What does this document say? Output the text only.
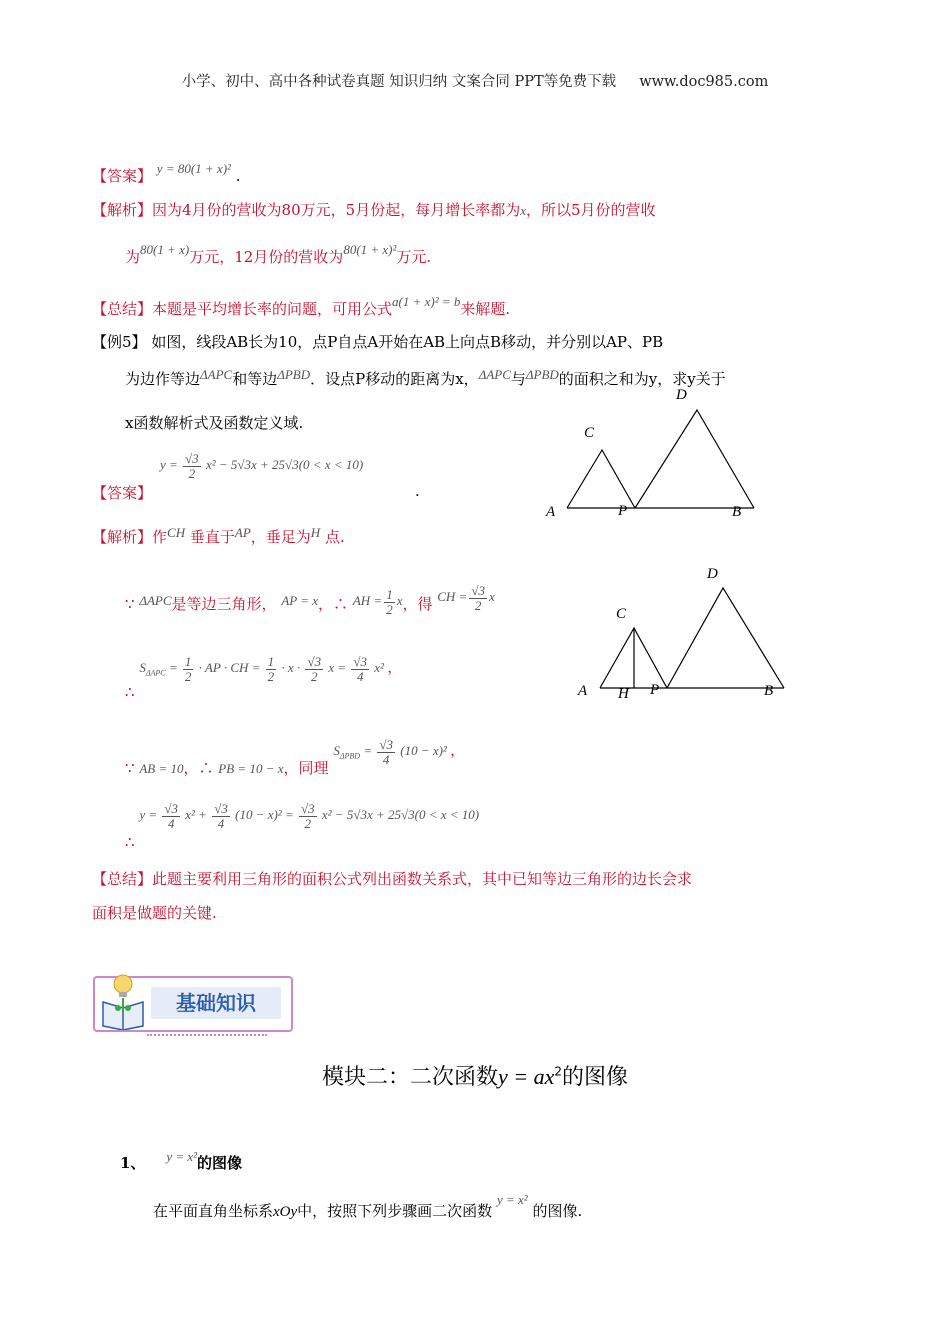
小学、初中、高中各种试卷真题 知识归纳 文案合同 PPT等免费下载 www.doc985.com
【答案】 y = 80(1 + x)² .
【解析】因为4月份的营收为80万元，5月份起，每月增长率都为x，所以5月份的营收
为80(1 + x)万元，12月份的营收为80(1 + x)²万元.
【总结】本题是平均增长率的问题，可用公式a(1 + x)² = b来解题.
【例5】 如图，线段AB长为10，点P自点A开始在AB上向点B移动，并分别以AP、PB
为边作等边ΔAPC和等边ΔPBD．设点P移动的距离为x，ΔAPC与ΔPBD的面积之和为y，求y关于
x函数解析式及函数定义域.
A
C
P	B
D
【答案】
$y = \frac{√3}{2} x^2 - 5√3x + 25√3(0 < x < 10)$
.
【解析】作CH 垂直于AP，垂足为H 点.
∵ ΔAPC是等边三角形， AP = x，∴ AH = $\frac{1}{2}$ x，得 CH = $\frac{√3}{2}$ x
∴ $S_{\Delta APC} = \frac{1}{2}$ · AP · CH = $\frac{1}{2} \cdot x \cdot \frac{√3}{2}$ $x = \frac{√3}{4} x^2$ ，
A H
C
P	B
D
∵ AB = 10，∴ PB = 10 − x，同理 $S_{\Delta PBD} = \frac{√3}{4} (10 - x)^2$ ，
∴ $y = \frac{√3}{4} x^2 + \frac{√3}{4} (10 - x)^2 = \frac{√3}{2} x^2 - 5√3x + 25√3(0 < x < 10)$
【总结】此题主要利用三角形的面积公式列出函数关系式，其中已知等边三角形的边长会求
面积是做题的关键.
基础知识
模块二：二次函数$y = ax^2$的图像
1、 y = x²的图像
在平面直角坐标系xOy中，按照下列步骤画二次函数 y = x² 的图像.
